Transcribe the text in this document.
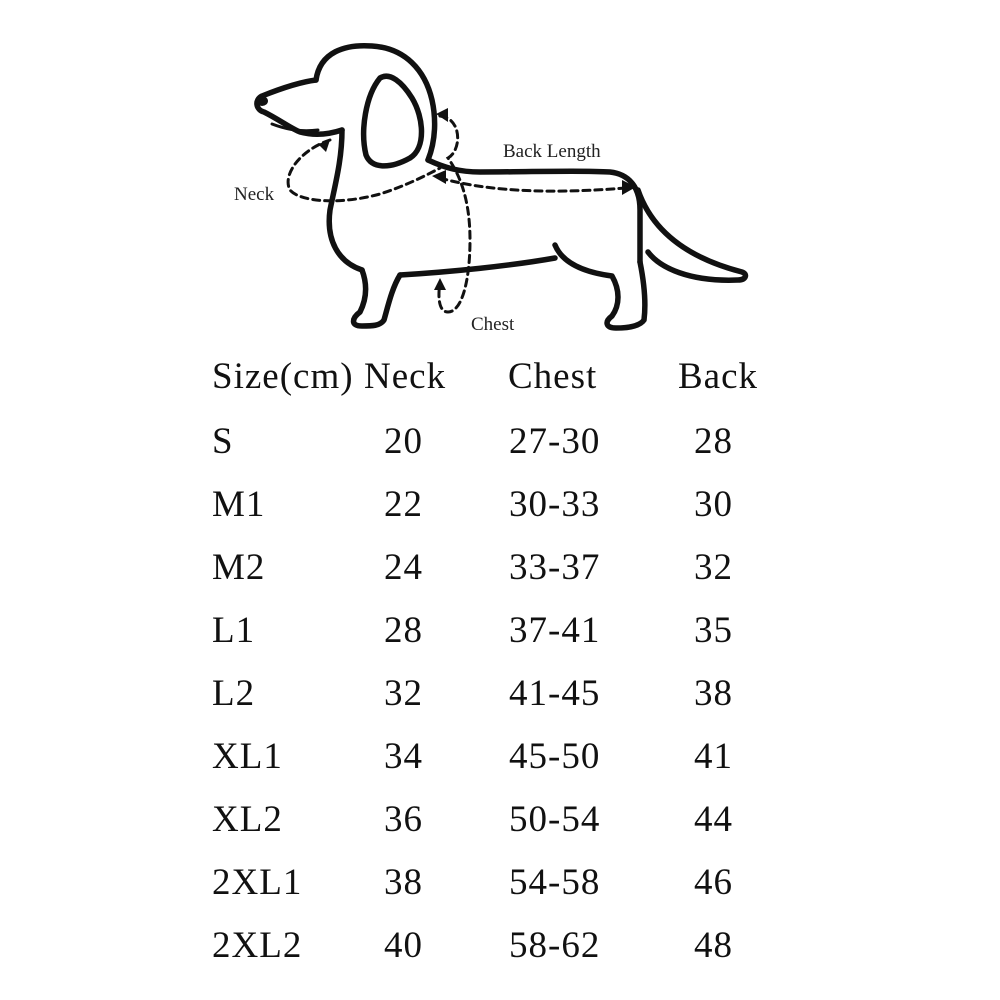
Neck
Back Length
Chest
Size(cm) Neck Chest Back
S	20 27-30	28
M1	22 30-33	30
M2	24 33-37	32
L1	28 37-41	35
L2	32 41-45	38
XL1	34 45-50	41
XL2	36 50-54	44
2XL1 38 54-58	46
2XL2 40 58-62	48
